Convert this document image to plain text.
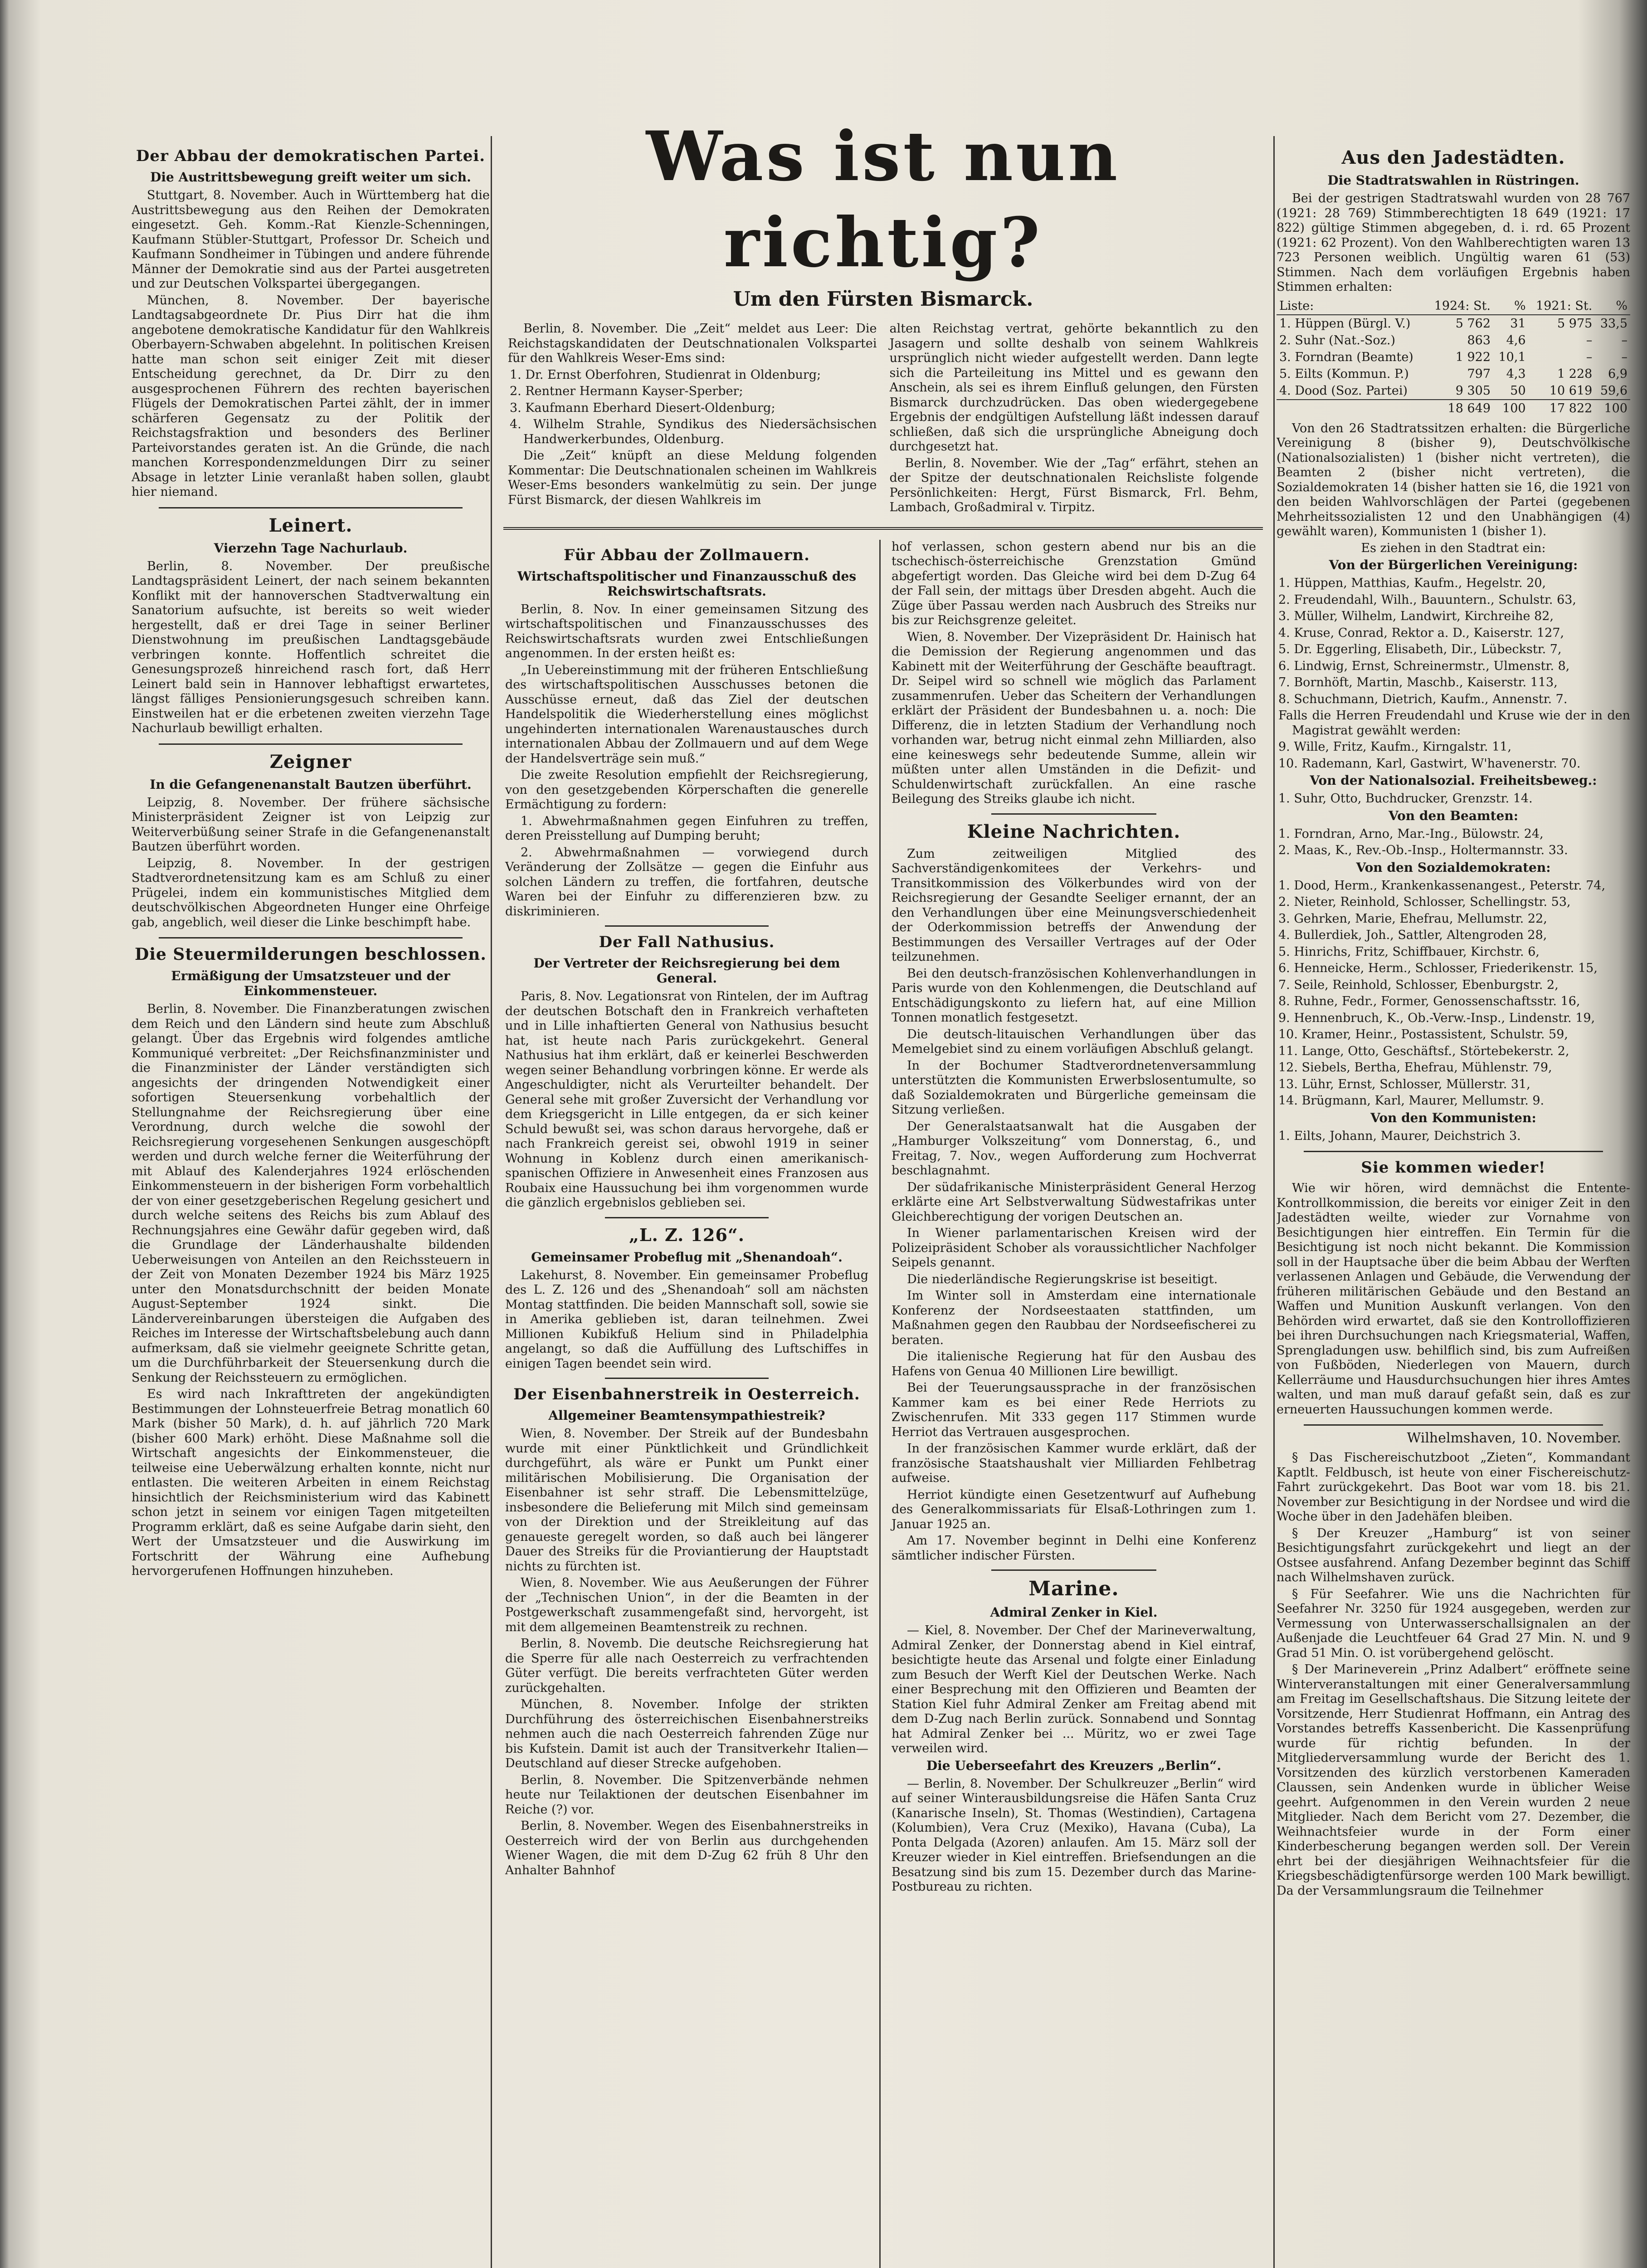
Der Abbau der demokratischen Partei.
Die Austrittsbewegung greift weiter um sich.

Stuttgart, 8. November. Auch in Württemberg hat die Austrittsbewegung aus den Reihen der Demokraten eingesetzt. Geh. Komm.-Rat Kienzle-Schenningen, Kaufmann Stübler-Stuttgart, Professor Dr. Scheich und Kaufmann Sondheimer in Tübingen und andere führende Männer der Demokratie sind aus der Partei ausgetreten und zur Deutschen Volkspartei übergegangen.

München, 8. November. Der bayerische Landtagsabgeordnete Dr. Pius Dirr hat die ihm angebotene demokratische Kandidatur für den Wahlkreis Oberbayern-Schwaben abgelehnt. In politischen Kreisen hatte man schon seit einiger Zeit mit dieser Entscheidung gerechnet, da Dr. Dirr zu den ausgesprochenen Führern des rechten bayerischen Flügels der Demokratischen Partei zählt, der in immer schärferen Gegensatz zu der Politik der Reichstagsfraktion und besonders des Berliner Parteivorstandes geraten ist. An die Gründe, die nach manchen Korrespondenzmeldungen Dirr zu seiner Absage in letzter Linie veranlaßt haben sollen, glaubt hier niemand.

Leinert.
Vierzehn Tage Nachurlaub.

Berlin, 8. November. Der preußische Landtagspräsident Leinert, der nach seinem bekannten Konflikt mit der hannoverschen Stadtverwaltung ein Sanatorium aufsuchte, ist bereits so weit wieder hergestellt, daß er drei Tage in seiner Berliner Dienstwohnung im preußischen Landtagsgebäude verbringen konnte. Hoffentlich schreitet die Genesungsprozeß hinreichend rasch fort, daß Herr Leinert bald sein in Hannover lebhaftigst erwartetes, längst fälliges Pensionierungsgesuch schreiben kann. Einstweilen hat er die erbetenen zweiten vierzehn Tage Nachurlaub bewilligt erhalten.

Zeigner
In die Gefangenenanstalt Bautzen überführt.

Leipzig, 8. November. Der frühere sächsische Ministerpräsident Zeigner ist von Leipzig zur Weiterverbüßung seiner Strafe in die Gefangenenanstalt Bautzen überführt worden.

Leipzig, 8. November. In der gestrigen Stadtverordnetensitzung kam es am Schluß zu einer Prügelei, indem ein kommunistisches Mitglied dem deutschvölkischen Abgeordneten Hunger eine Ohrfeige gab, angeblich, weil dieser die Linke beschimpft habe.

Die Steuermilderungen beschlossen.
Ermäßigung der Umsatzsteuer und der Einkommensteuer.

Berlin, 8. November. Die Finanzberatungen zwischen dem Reich und den Ländern sind heute zum Abschluß gelangt. Über das Ergebnis wird folgendes amtliche Kommuniqué verbreitet: „Der Reichsfinanzminister und die Finanzminister der Länder verständigten sich angesichts der dringenden Notwendigkeit einer sofortigen Steuersenkung vorbehaltlich der Stellungnahme der Reichsregierung über eine Verordnung, durch welche die sowohl der Reichsregierung vorgesehenen Senkungen ausgeschöpft werden und durch welche ferner die Weiterführung der mit Ablauf des Kalenderjahres 1924 erlöschenden Einkommensteuern in der bisherigen Form vorbehaltlich der von einer gesetzgeberischen Regelung gesichert und durch welche seitens des Reichs bis zum Ablauf des Rechnungsjahres eine Gewähr dafür gegeben wird, daß die Grundlage der Länderhaushalte bildenden Ueberweisungen von Anteilen an den Reichssteuern in der Zeit von Monaten Dezember 1924 bis März 1925 unter den Monatsdurchschnitt der beiden Monate August-September 1924 sinkt. Die Ländervereinbarungen übersteigen die Aufgaben des Reiches im Interesse der Wirtschaftsbelebung auch dann aufmerksam, daß sie vielmehr geeignete Schritte getan, um die Durchführbarkeit der Steuersenkung durch die Senkung der Reichssteuern zu ermöglichen.

Es wird nach Inkrafttreten der angekündigten Bestimmungen der Lohnsteuerfreie Betrag monatlich 60 Mark (bisher 50 Mark), d. h. auf jährlich 720 Mark (bisher 600 Mark) erhöht. Diese Maßnahme soll die Wirtschaft angesichts der Einkommensteuer, die teilweise eine Ueberwälzung erhalten konnte, nicht nur entlasten. Die weiteren Arbeiten in einem Reichstag hinsichtlich der Reichsministerium wird das Kabinett schon jetzt in seinem vor einigen Tagen mitgeteilten Programm erklärt, daß es seine Aufgabe darin sieht, den Wert der Umsatzsteuer und die Auswirkung im Fortschritt der Währung eine Aufhebung hervorgerufenen Hoffnungen hinzuheben.

Was ist nun richtig?
Um den Fürsten Bismarck.

Berlin, 8. November. Die „Zeit“ meldet aus Leer: Die Reichstagskandidaten der Deutschnationalen Volkspartei für den Wahlkreis Weser-Ems sind:

1. Dr. Ernst Oberfohren, Studienrat in Oldenburg;

2. Rentner Hermann Kayser-Sperber;

3. Kaufmann Eberhard Diesert-Oldenburg;

4. Wilhelm Strahle, Syndikus des Niedersächsischen Handwerkerbundes, Oldenburg.

Die „Zeit“ knüpft an diese Meldung folgenden Kommentar: Die Deutschnationalen scheinen im Wahlkreis Weser-Ems besonders wankelmütig zu sein. Der junge Fürst Bismarck, der diesen Wahlkreis im

alten Reichstag vertrat, gehörte bekanntlich zu den Jasagern und sollte deshalb von seinem Wahlkreis ursprünglich nicht wieder aufgestellt werden. Dann legte sich die Parteileitung ins Mittel und es gewann den Anschein, als sei es ihrem Einfluß gelungen, den Fürsten Bismarck durchzudrücken. Das oben wiedergegebene Ergebnis der endgültigen Aufstellung läßt indessen darauf schließen, daß sich die ursprüngliche Abneigung doch durchgesetzt hat.

Berlin, 8. November. Wie der „Tag“ erfährt, stehen an der Spitze der deutschnationalen Reichsliste folgende Persönlichkeiten: Hergt, Fürst Bismarck, Frl. Behm, Lambach, Großadmiral v. Tirpitz.

Für Abbau der Zollmauern.
Wirtschaftspolitischer und Finanzausschuß des Reichswirtschaftsrats.

Berlin, 8. Nov. In einer gemeinsamen Sitzung des wirtschaftspolitischen und Finanzausschusses des Reichswirtschaftsrats wurden zwei Entschließungen angenommen. In der ersten heißt es:

„In Uebereinstimmung mit der früheren Entschließung des wirtschaftspolitischen Ausschusses betonen die Ausschüsse erneut, daß das Ziel der deutschen Handelspolitik die Wiederherstellung eines möglichst ungehinderten internationalen Warenaustausches durch internationalen Abbau der Zollmauern und auf dem Wege der Handelsverträge sein muß.“

Die zweite Resolution empfiehlt der Reichsregierung, von den gesetzgebenden Körperschaften die generelle Ermächtigung zu fordern:

1. Abwehrmaßnahmen gegen Einfuhren zu treffen, deren Preisstellung auf Dumping beruht;

2. Abwehrmaßnahmen — vorwiegend durch Veränderung der Zollsätze — gegen die Einfuhr aus solchen Ländern zu treffen, die fortfahren, deutsche Waren bei der Einfuhr zu differenzieren bzw. zu diskriminieren.

Der Fall Nathusius.
Der Vertreter der Reichsregierung bei dem General.

Paris, 8. Nov. Legationsrat von Rintelen, der im Auftrag der deutschen Botschaft den in Frankreich verhafteten und in Lille inhaftierten General von Nathusius besucht hat, ist heute nach Paris zurückgekehrt. General Nathusius hat ihm erklärt, daß er keinerlei Beschwerden wegen seiner Behandlung vorbringen könne. Er werde als Angeschuldigter, nicht als Verurteilter behandelt. Der General sehe mit großer Zuversicht der Verhandlung vor dem Kriegsgericht in Lille entgegen, da er sich keiner Schuld bewußt sei, was schon daraus hervorgehe, daß er nach Frankreich gereist sei, obwohl 1919 in seiner Wohnung in Koblenz durch einen amerikanisch-spanischen Offiziere in Anwesenheit eines Franzosen aus Roubaix eine Haussuchung bei ihm vorgenommen wurde die gänzlich ergebnislos geblieben sei.

„L. Z. 126“.
Gemeinsamer Probeflug mit „Shenandoah“.

Lakehurst, 8. November. Ein gemeinsamer Probeflug des L. Z. 126 und des „Shenandoah“ soll am nächsten Montag stattfinden. Die beiden Mannschaft soll, sowie sie in Amerika geblieben ist, daran teilnehmen. Zwei Millionen Kubikfuß Helium sind in Philadelphia angelangt, so daß die Auffüllung des Luftschiffes in einigen Tagen beendet sein wird.

Der Eisenbahnerstreik in Oesterreich.
Allgemeiner Beamtensympathiestreik?

Wien, 8. November. Der Streik auf der Bundesbahn wurde mit einer Pünktlichkeit und Gründlichkeit durchgeführt, als wäre er Punkt um Punkt einer militärischen Mobilisierung. Die Organisation der Eisenbahner ist sehr straff. Die Lebensmittelzüge, insbesondere die Belieferung mit Milch sind gemeinsam von der Direktion und der Streikleitung auf das genaueste geregelt worden, so daß auch bei längerer Dauer des Streiks für die Proviantierung der Hauptstadt nichts zu fürchten ist.

Wien, 8. November. Wie aus Aeußerungen der Führer der „Technischen Union“, in der die Beamten in der Postgewerkschaft zusammengefaßt sind, hervorgeht, ist mit dem allgemeinen Beamtenstreik zu rechnen.

Berlin, 8. Novemb. Die deutsche Reichsregierung hat die Sperre für alle nach Oesterreich zu verfrachtenden Güter verfügt. Die bereits verfrachteten Güter werden zurückgehalten.

München, 8. November. Infolge der strikten Durchführung des österreichischen Eisenbahnerstreiks nehmen auch die nach Oesterreich fahrenden Züge nur bis Kufstein. Damit ist auch der Transitverkehr Italien—Deutschland auf dieser Strecke aufgehoben.

Berlin, 8. November. Die Spitzenverbände nehmen heute nur Teilaktionen der deutschen Eisenbahner im Reiche (?) vor.

Berlin, 8. November. Wegen des Eisenbahnerstreiks in Oesterreich wird der von Berlin aus durchgehenden Wiener Wagen, die mit dem D-Zug 62 früh 8 Uhr den Anhalter Bahnhof

hof verlassen, schon gestern abend nur bis an die tschechisch-österreichische Grenzstation Gmünd abgefertigt worden. Das Gleiche wird bei dem D-Zug 64 der Fall sein, der mittags über Dresden abgeht. Auch die Züge über Passau werden nach Ausbruch des Streiks nur bis zur Reichsgrenze geleitet.

Wien, 8. November. Der Vizepräsident Dr. Hainisch hat die Demission der Regierung angenommen und das Kabinett mit der Weiterführung der Geschäfte beauftragt. Dr. Seipel wird so schnell wie möglich das Parlament zusammenrufen. Ueber das Scheitern der Verhandlungen erklärt der Präsident der Bundesbahnen u. a. noch: Die Differenz, die in letzten Stadium der Verhandlung noch vorhanden war, betrug nicht einmal zehn Milliarden, also eine keineswegs sehr bedeutende Summe, allein wir müßten unter allen Umständen in die Defizit- und Schuldenwirtschaft zurückfallen. An eine rasche Beilegung des Streiks glaube ich nicht.

Kleine Nachrichten.

Zum zeitweiligen Mitglied des Sachverständigenkomitees der Verkehrs- und Transitkommission des Völkerbundes wird von der Reichsregierung der Gesandte Seeliger ernannt, der an den Verhandlungen über eine Meinungsverschiedenheit der Oderkommission betreffs der Anwendung der Bestimmungen des Versailler Vertrages auf der Oder teilzunehmen.

Bei den deutsch-französischen Kohlenverhandlungen in Paris wurde von den Kohlenmengen, die Deutschland auf Entschädigungskonto zu liefern hat, auf eine Million Tonnen monatlich festgesetzt.

Die deutsch-litauischen Verhandlungen über das Memelgebiet sind zu einem vorläufigen Abschluß gelangt.

In der Bochumer Stadtverordnetenversammlung unterstützten die Kommunisten Erwerbslosentumulte, so daß Sozialdemokraten und Bürgerliche gemeinsam die Sitzung verließen.

Der Generalstaatsanwalt hat die Ausgaben der „Hamburger Volkszeitung“ vom Donnerstag, 6., und Freitag, 7. Nov., wegen Aufforderung zum Hochverrat beschlagnahmt.

Der südafrikanische Ministerpräsident General Herzog erklärte eine Art Selbstverwaltung Südwestafrikas unter Gleichberechtigung der vorigen Deutschen an.

In Wiener parlamentarischen Kreisen wird der Polizeipräsident Schober als voraussichtlicher Nachfolger Seipels genannt.

Die niederländische Regierungskrise ist beseitigt.

Im Winter soll in Amsterdam eine internationale Konferenz der Nordseestaaten stattfinden, um Maßnahmen gegen den Raubbau der Nordseefischerei zu beraten.

Die italienische Regierung hat für den Ausbau des Hafens von Genua 40 Millionen Lire bewilligt.

Bei der Teuerungsaussprache in der französischen Kammer kam es bei einer Rede Herriots zu Zwischenrufen. Mit 333 gegen 117 Stimmen wurde Herriot das Vertrauen ausgesprochen.

In der französischen Kammer wurde erklärt, daß der französische Staatshaushalt vier Milliarden Fehlbetrag aufweise.

Herriot kündigte einen Gesetzentwurf auf Aufhebung des Generalkommissariats für Elsaß-Lothringen zum 1. Januar 1925 an.

Am 17. November beginnt in Delhi eine Konferenz sämtlicher indischer Fürsten.

Marine.
Admiral Zenker in Kiel.

— Kiel, 8. November. Der Chef der Marineverwaltung, Admiral Zenker, der Donnerstag abend in Kiel eintraf, besichtigte heute das Arsenal und folgte einer Einladung zum Besuch der Werft Kiel der Deutschen Werke. Nach einer Besprechung mit den Offizieren und Beamten der Station Kiel fuhr Admiral Zenker am Freitag abend mit dem D-Zug nach Berlin zurück. Sonnabend und Sonntag hat Admiral Zenker bei ... Müritz, wo er zwei Tage verweilen wird.

Die Ueberseefahrt des Kreuzers „Berlin“.

— Berlin, 8. November. Der Schulkreuzer „Berlin“ wird auf seiner Winterausbildungsreise die Häfen Santa Cruz (Kanarische Inseln), St. Thomas (Westindien), Cartagena (Kolumbien), Vera Cruz (Mexiko), Havana (Cuba), La Ponta Delgada (Azoren) anlaufen. Am 15. März soll der Kreuzer wieder in Kiel eintreffen. Briefsendungen an die Besatzung sind bis zum 15. Dezember durch das Marine-Postbureau zu richten.

Aus den Jadestädten.
Die Stadtratswahlen in Rüstringen.

Bei der gestrigen Stadtratswahl wurden von 28 767 (1921: 28 769) Stimmberechtigten 18 649 (1921: 17 822) gültige Stimmen abgegeben, d. i. rd. 65 Prozent (1921: 62 Prozent). Von den Wahlberechtigten waren 13 723 Personen weiblich. Ungültig waren 61 (53) Stimmen. Nach dem vorläufigen Ergebnis haben Stimmen erhalten:

Liste:	1924: St.	%	1921: St.	%
1. Hüppen (Bürgl. V.)	5 762	31	5 975	33,5
2. Suhr (Nat.-Soz.)	863	4,6	–	–
3. Forndran (Beamte)	1 922	10,1	–	–
5. Eilts (Kommun. P.)	797	4,3	1 228	6,9
4. Dood (Soz. Partei)	9 305	50	10 619	59,6
	18 649	100	17 822	100

Von den 26 Stadtratssitzen erhalten: die Bürgerliche Vereinigung 8 (bisher 9), Deutschvölkische (Nationalsozialisten) 1 (bisher nicht vertreten), die Beamten 2 (bisher nicht vertreten), die Sozialdemokraten 14 (bisher hatten sie 16, die 1921 von den beiden Wahlvorschlägen der Partei (gegebenen Mehrheitssozialisten 12 und den Unabhängigen (4) gewählt waren), Kommunisten 1 (bisher 1).

Es ziehen in den Stadtrat ein:

Von der Bürgerlichen Vereinigung:

1. Hüppen, Matthias, Kaufm., Hegelstr. 20,

2. Freudendahl, Wilh., Bauuntern., Schulstr. 63,

3. Müller, Wilhelm, Landwirt, Kirchreihe 82,

4. Kruse, Conrad, Rektor a. D., Kaiserstr. 127,

5. Dr. Eggerling, Elisabeth, Dir., Lübeckstr. 7,

6. Lindwig, Ernst, Schreinermstr., Ulmenstr. 8,

7. Bornhöft, Martin, Maschb., Kaiserstr. 113,

8. Schuchmann, Dietrich, Kaufm., Annenstr. 7.

Falls die Herren Freudendahl und Kruse wie der in den Magistrat gewählt werden:

9. Wille, Fritz, Kaufm., Kirngalstr. 11,

10. Rademann, Karl, Gastwirt, W'havenerstr. 70.

Von der Nationalsozial. Freiheitsbeweg.:

1. Suhr, Otto, Buchdrucker, Grenzstr. 14.

Von den Beamten:

1. Forndran, Arno, Mar.-Ing., Bülowstr. 24,

2. Maas, K., Rev.-Ob.-Insp., Holtermannstr. 33.

Von den Sozialdemokraten:

1. Dood, Herm., Krankenkassenangest., Peterstr. 74,

2. Nieter, Reinhold, Schlosser, Schellingstr. 53,

3. Gehrken, Marie, Ehefrau, Mellumstr. 22,

4. Bullerdiek, Joh., Sattler, Altengroden 28,

5. Hinrichs, Fritz, Schiffbauer, Kirchstr. 6,

6. Henneicke, Herm., Schlosser, Friederikenstr. 15,

7. Seile, Reinhold, Schlosser, Ebenburgstr. 2,

8. Ruhne, Fedr., Former, Genossenschaftsstr. 16,

9. Hennenbruch, K., Ob.-Verw.-Insp., Lindenstr. 19,

10. Kramer, Heinr., Postassistent, Schulstr. 59,

11. Lange, Otto, Geschäftsf., Störtebekerstr. 2,

12. Siebels, Bertha, Ehefrau, Mühlenstr. 79,

13. Lühr, Ernst, Schlosser, Müllerstr. 31,

14. Brügmann, Karl, Maurer, Mellumstr. 9.

Von den Kommunisten:

1. Eilts, Johann, Maurer, Deichstrich 3.

Sie kommen wieder!

Wie wir hören, wird demnächst die Entente-Kontrollkommission, die bereits vor einiger Zeit in den Jadestädten weilte, wieder zur Vornahme von Besichtigungen hier eintreffen. Ein Termin für die Besichtigung ist noch nicht bekannt. Die Kommission soll in der Hauptsache über die beim Abbau der Werften verlassenen Anlagen und Gebäude, die Verwendung der früheren militärischen Gebäude und den Bestand an Waffen und Munition Auskunft verlangen. Von den Behörden wird erwartet, daß sie den Kontrolloffizieren bei ihren Durchsuchungen nach Kriegsmaterial, Waffen, Sprengladungen usw. behilflich sind, bis zum Aufreißen von Fußböden, Niederlegen von Mauern, durch Kellerräume und Hausdurchsuchungen hier ihres Amtes walten, und man muß darauf gefaßt sein, daß es zur erneuerten Haussuchungen kommen werde.

Wilhelmshaven, 10. November.

§ Das Fischereischutzboot „Zieten“, Kommandant Kaptlt. Feldbusch, ist heute von einer Fischereischutz-Fahrt zurückgekehrt. Das Boot war vom 18. bis 21. November zur Besichtigung in der Nordsee und wird die Woche über in den Jadehäfen bleiben.

§ Der Kreuzer „Hamburg“ ist von seiner Besichtigungsfahrt zurückgekehrt und liegt an der Ostsee ausfahrend. Anfang Dezember beginnt das Schiff nach Wilhelmshaven zurück.

§ Für Seefahrer. Wie uns die Nachrichten für Seefahrer Nr. 3250 für 1924 ausgegeben, werden zur Vermessung von Unterwasserschallsignalen an der Außenjade die Leuchtfeuer 64 Grad 27 Min. N. und 9 Grad 51 Min. O. ist vorübergehend gelöscht.

§ Der Marineverein „Prinz Adalbert“ eröffnete seine Winterveranstaltungen mit einer Generalversammlung am Freitag im Gesellschaftshaus. Die Sitzung leitete der Vorsitzende, Herr Studienrat Hoffmann, ein Antrag des Vorstandes betreffs Kassenbericht. Die Kassenprüfung wurde für richtig befunden. In der Mitgliederversammlung wurde der Bericht des 1. Vorsitzenden des kürzlich verstorbenen Kameraden Claussen, sein Andenken wurde in üblicher Weise geehrt. Aufgenommen in den Verein wurden 2 neue Mitglieder. Nach dem Bericht vom 27. Dezember, die Weihnachtsfeier wurde in der Form einer Kinderbescherung begangen werden soll. Der Verein ehrt bei der diesjährigen Weihnachtsfeier für die Kriegsbeschädigtenfürsorge werden 100 Mark bewilligt. Da der Versammlungsraum die Teilnehmer
